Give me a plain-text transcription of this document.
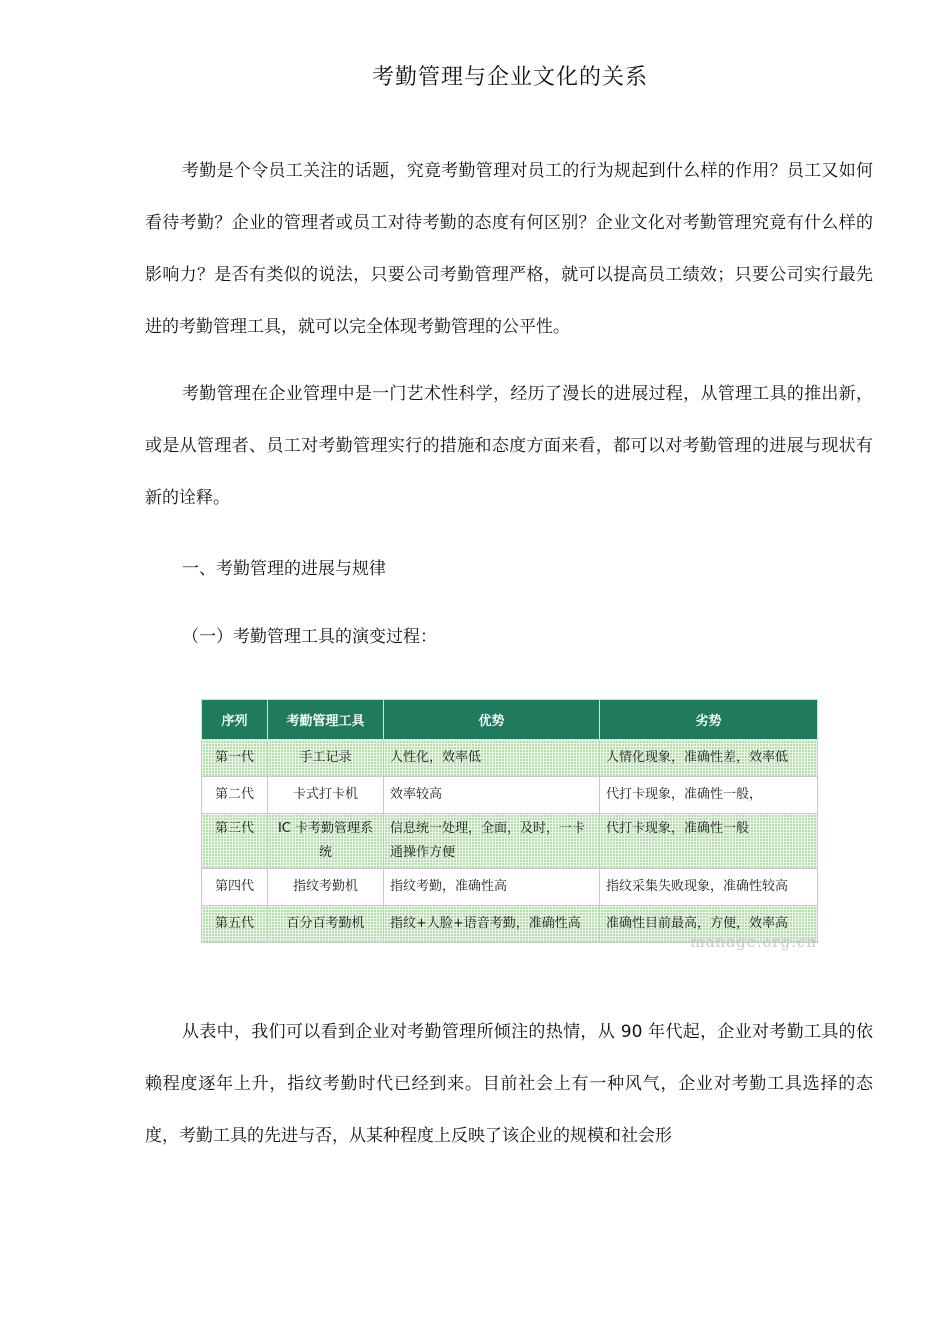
考勤管理与企业文化的关系

考勤是个令员工关注的话题，究竟考勤管理对员工的行为规起到什么样的作用？员工又如何看待考勤？企业的管理者或员工对待考勤的态度有何区别？企业文化对考勤管理究竟有什么样的影响力？是否有类似的说法，只要公司考勤管理严格，就可以提高员工绩效；只要公司实行最先进的考勤管理工具，就可以完全体现考勤管理的公平性。

考勤管理在企业管理中是一门艺术性科学，经历了漫长的进展过程，从管理工具的推出新，或是从管理者、员工对考勤管理实行的措施和态度方面来看，都可以对考勤管理的进展与现状有新的诠释。

一、考勤管理的进展与规律
（一）考勤管理工具的演变过程：
序列	考勤管理工具	优势	劣势
第一代	手工记录	人性化，效率低	人情化现象，准确性差，效率低
第二代	卡式打卡机	效率较高	代打卡现象，准确性一般，
第三代	IC 卡考勤管理系统	信息统一处理，全面，及时，一卡通操作方便	代打卡现象，准确性一般
第四代	指纹考勤机	指纹考勤，准确性高	指纹采集失败现象，准确性较高
第五代	百分百考勤机	指纹+人脸+语音考勤，准确性高	准确性目前最高，方便，效率高
manage.org.cn

从表中，我们可以看到企业对考勤管理所倾注的热情，从 90 年代起，企业对考勤工具的依赖程度逐年上升，指纹考勤时代已经到来。目前社会上有一种风气，企业对考勤工具选择的态度，考勤工具的先进与否，从某种程度上反映了该企业的规模和社会形
